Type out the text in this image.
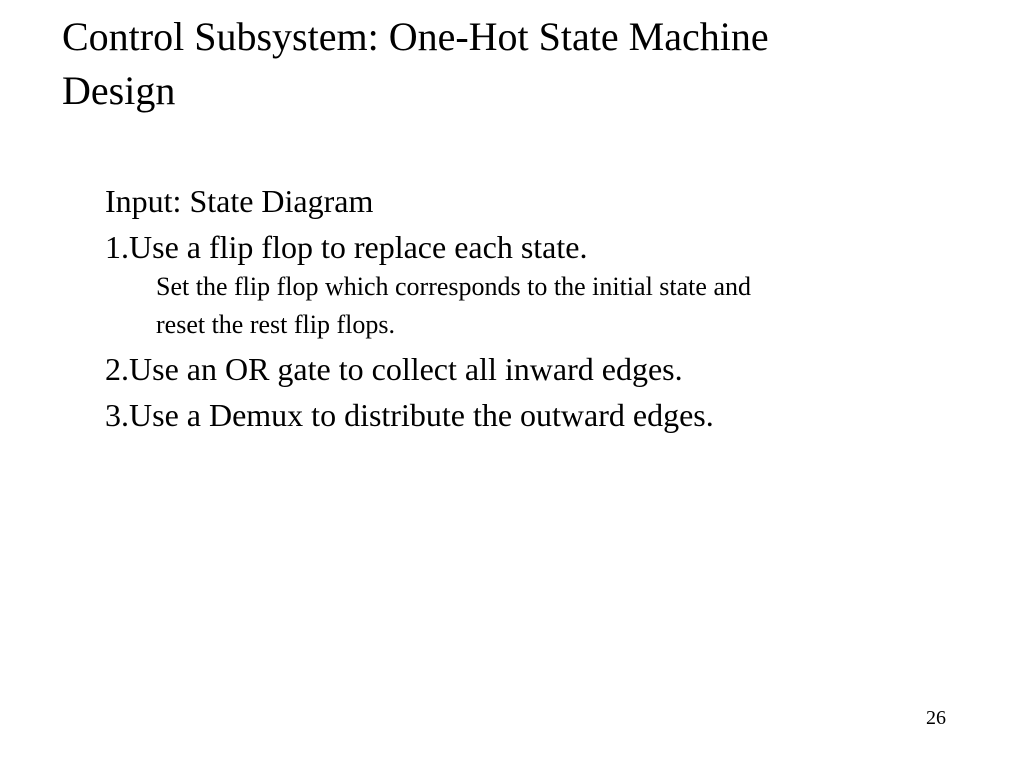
Control Subsystem: One-Hot State Machine
Design
Input: State Diagram
1.Use a flip flop to replace each state.
Set the flip flop which corresponds to the initial state and
reset the rest flip flops.
2.Use an OR gate to collect all inward edges.
3.Use a Demux to distribute the outward edges.
26
